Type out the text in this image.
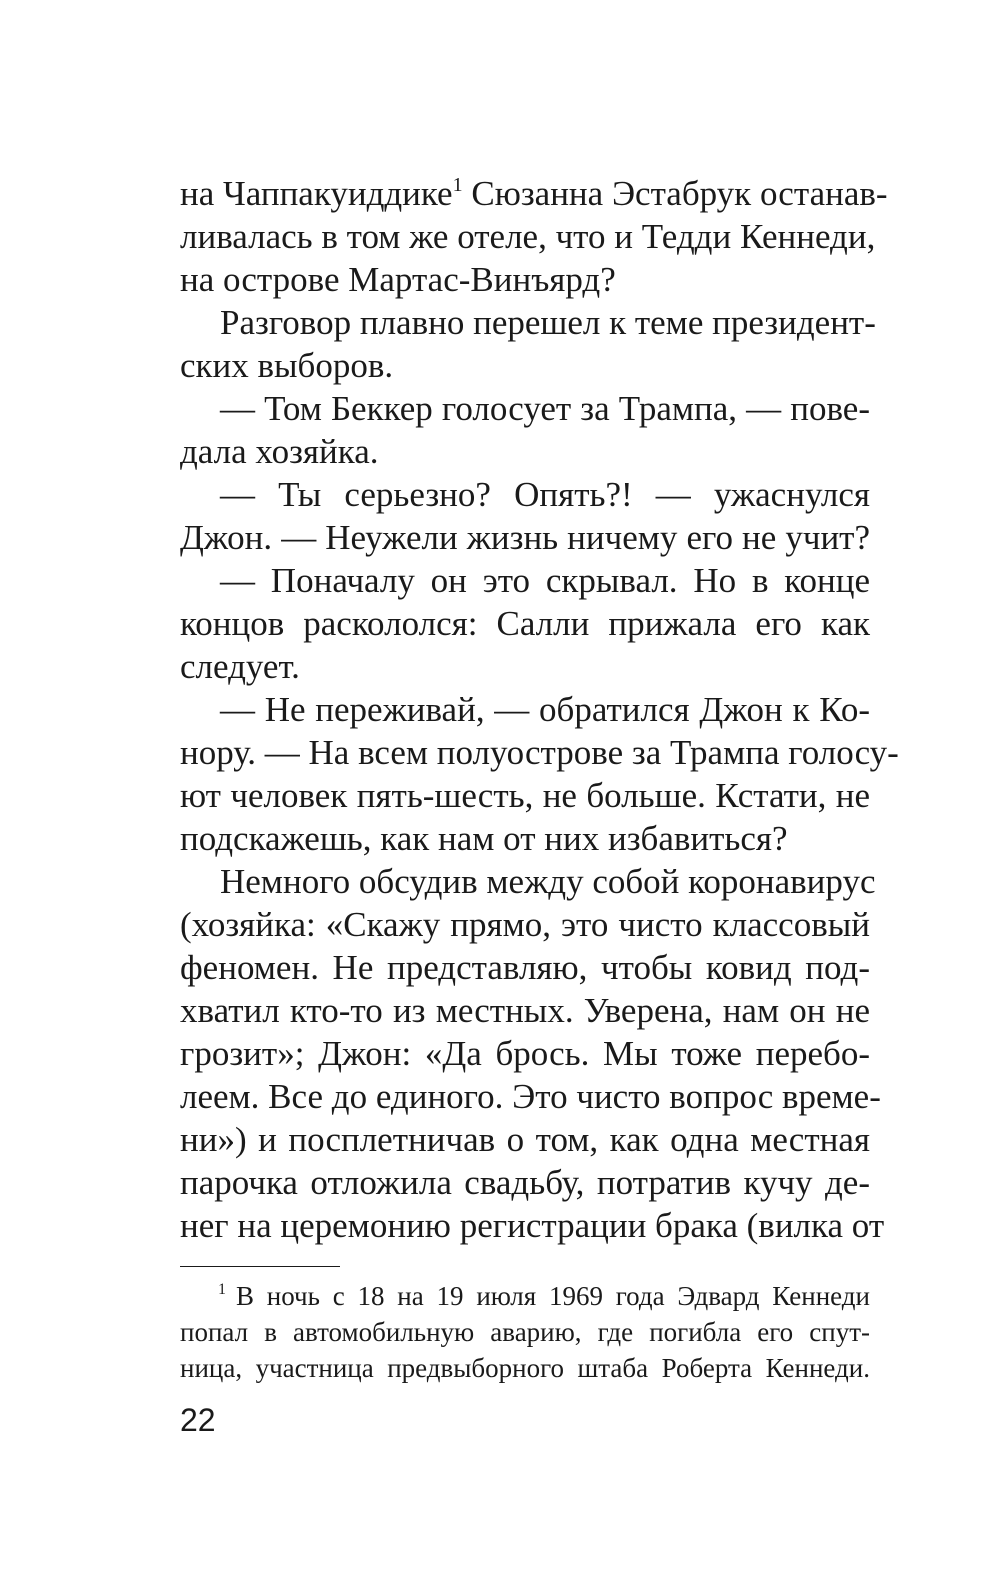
на Чаппакуиддике$^1$ Сюзанна Эстабрук останав-
ливалась в том же отеле, что и Тедди Кеннеди,
на острове Мартас-Винъярд?
Разговор плавно перешел к теме президент-
ских выборов.
— Том Беккер голосует за Трампа, — пове-
дала хозяйка.
— Ты серьезно? Опять?! — ужаснулся
Джон. — Неужели жизнь ничему его не учит?
— Поначалу он это скрывал. Но в конце
концов раскололся: Салли прижала его как
следует.
— Не переживай, — обратился Джон к Ко-
нору. — На всем полуострове за Трампа голосу-
ют человек пять-шесть, не больше. Кстати, не
подскажешь, как нам от них избавиться?
Немного обсудив между собой коронавирус
(хозяйка: «Скажу прямо, это чисто классовый
феномен. Не представляю, чтобы ковид под-
хватил кто-то из местных. Уверена, нам он не
грозит»; Джон: «Да брось. Мы тоже перебо-
леем. Все до единого. Это чисто вопрос време-
ни») и посплетничав о том, как одна местная
парочка отложила свадьбу, потратив кучу де-
нег на церемонию регистрации брака (вилка от
$^1$ В ночь с 18 на 19 июля 1969 года Эдвард Кеннеди
попал в автомобильную аварию, где погибла его спут-
ница, участница предвыборного штаба Роберта Кеннеди.
22
